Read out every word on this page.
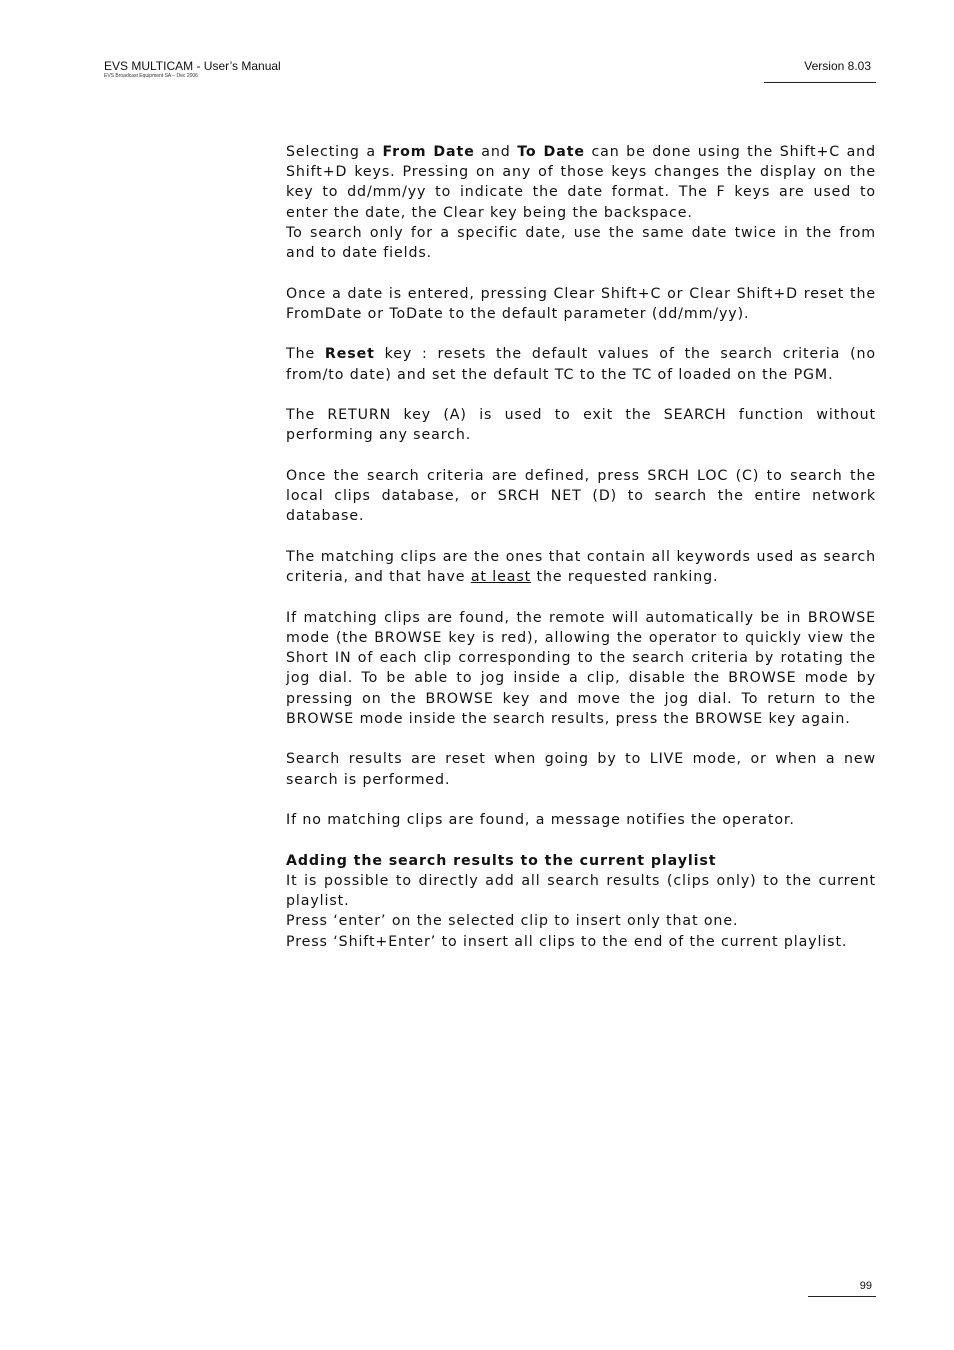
EVS MULTICAM - User’s Manual
EVS Broadcast Equipment SA – Dec 2006
Version 8.03

Selecting a From Date and To Date can be done using the Shift+C and Shift+D keys. Pressing on any of those keys changes the display on the key to dd/mm/yy to indicate the date format. The F keys are used to enter the date, the Clear key being the backspace.

To search only for a specific date, use the same date twice in the from and to date fields.

Once a date is entered, pressing Clear Shift+C or Clear Shift+D reset the FromDate or ToDate to the default parameter (dd/mm/yy).

The Reset key : resets the default values of the search criteria (no from/to date) and set the default TC to the TC of loaded on the PGM.

The RETURN key (A) is used to exit the SEARCH function without performing any search.

Once the search criteria are defined, press SRCH LOC (C) to search the local clips database, or SRCH NET (D) to search the entire network database.

The matching clips are the ones that contain all keywords used as search criteria, and that have at least the requested ranking.

If matching clips are found, the remote will automatically be in BROWSE mode (the BROWSE key is red), allowing the operator to quickly view the Short IN of each clip corresponding to the search criteria by rotating the jog dial. To be able to jog inside a clip, disable the BROWSE mode by pressing on the BROWSE key and move the jog dial. To return to the BROWSE mode inside the search results, press the BROWSE key again.

Search results are reset when going by to LIVE mode, or when a new search is performed.

If no matching clips are found, a message notifies the operator.

Adding the search results to the current playlist

It is possible to directly add all search results (clips only) to the current playlist.

Press ‘enter’ on the selected clip to insert only that one.

Press ‘Shift+Enter’ to insert all clips to the end of the current playlist.

99
